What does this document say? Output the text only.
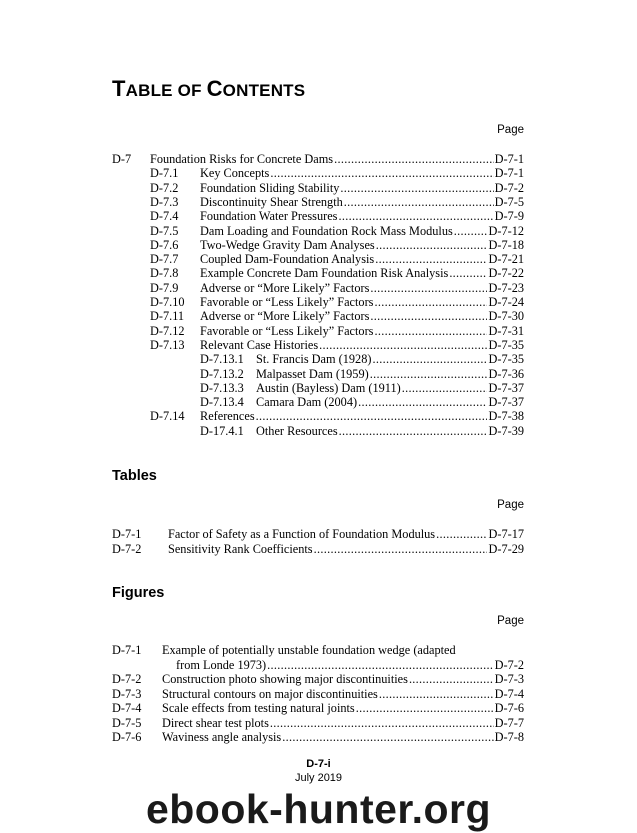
TABLE OF CONTENTS
Page
D-7 Foundation Risks for Concrete Dams .....	D-7-1
D-7.1 Key Concepts .....	D-7-1
D-7.2 Foundation Sliding Stability .....	D-7-2
D-7.3 Discontinuity Shear Strength .....	D-7-5
D-7.4 Foundation Water Pressures .....	D-7-9
D-7.5 Dam Loading and Foundation Rock Mass Modulus .....	D-7-12
D-7.6 Two-Wedge Gravity Dam Analyses .....	D-7-18
D-7.7 Coupled Dam-Foundation Analysis .....	D-7-21
D-7.8 Example Concrete Dam Foundation Risk Analysis .....	D-7-22
D-7.9 Adverse or “More Likely” Factors .....	D-7-23
D-7.10 Favorable or “Less Likely” Factors .....	D-7-24
D-7.11 Adverse or “More Likely” Factors .....	D-7-30
D-7.12 Favorable or “Less Likely” Factors .....	D-7-31
D-7.13 Relevant Case Histories .....	D-7-35
D-7.13.1 St. Francis Dam (1928) .....	D-7-35
D-7.13.2 Malpasset Dam (1959) .....	D-7-36
D-7.13.3 Austin (Bayless) Dam (1911) .....	D-7-37
D-7.13.4 Camara Dam (2004) .....	D-7-37
D-7.14 References .....	D-7-38
D-17.4.1 Other Resources .....	D-7-39
Tables
Page
D-7-1 Factor of Safety as a Function of Foundation Modulus .....	D-7-17
D-7-2 Sensitivity Rank Coefficients .....	D-7-29
Figures
Page
D-7-1 Example of potentially unstable foundation wedge (adapted
from Londe 1973) .....	D-7-2
D-7-2 Construction photo showing major discontinuities .....	D-7-3
D-7-3 Structural contours on major discontinuities .....	D-7-4
D-7-4 Scale effects from testing natural joints .....	D-7-6
D-7-5 Direct shear test plots .....	D-7-7
D-7-6 Waviness angle analysis .....	D-7-8
D-7-i
July 2019
ebook-hunter.org
